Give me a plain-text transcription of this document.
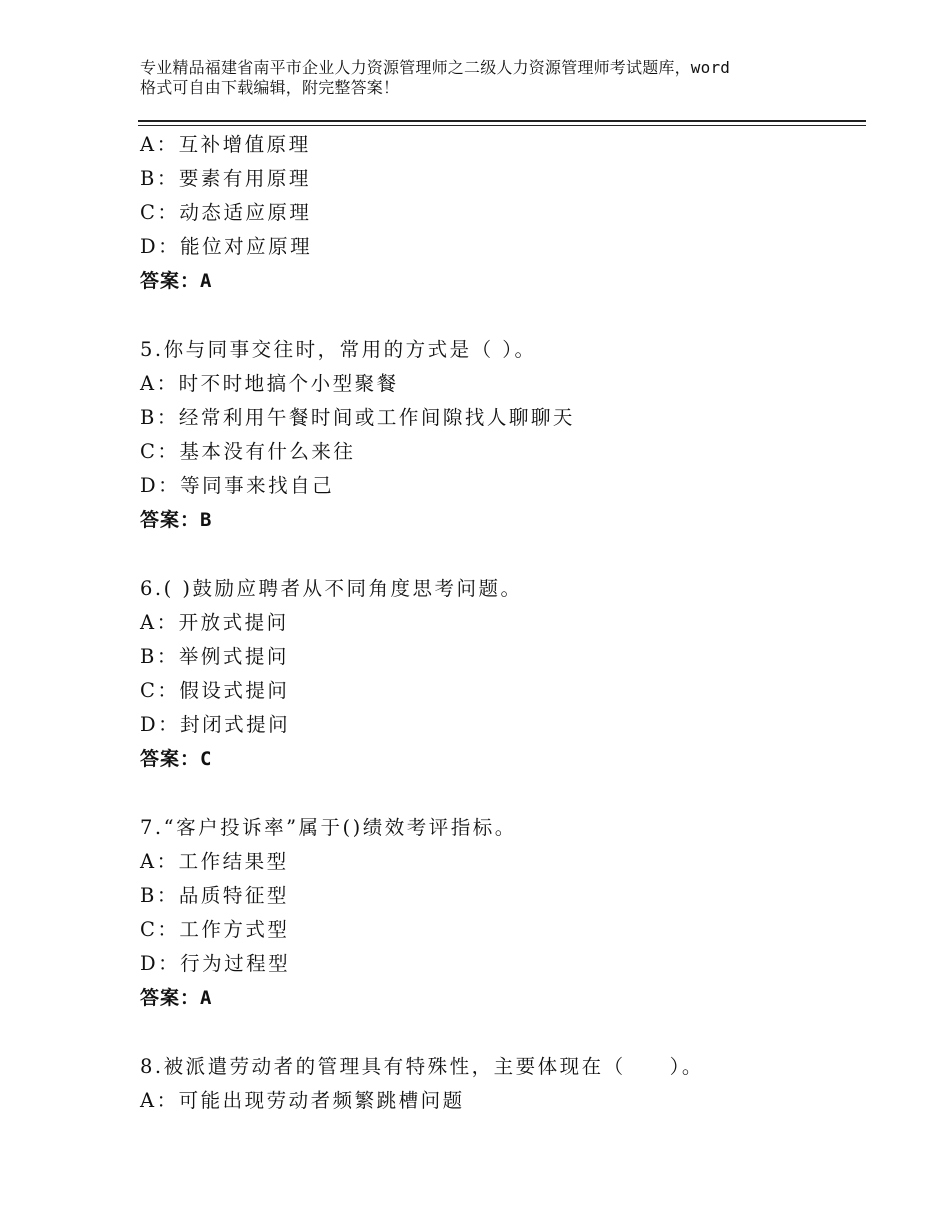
专业精品福建省南平市企业人力资源管理师之二级人力资源管理师考试题库，word
格式可自由下载编辑，附完整答案！
A：互补增值原理
B：要素有用原理
C：动态适应原理
D：能位对应原理
答案：A
5.你与同事交往时，常用的方式是（ ）。
A：时不时地搞个小型聚餐
B：经常利用午餐时间或工作间隙找人聊聊天
C：基本没有什么来往
D：等同事来找自己
答案：B
6.( )鼓励应聘者从不同角度思考问题。
A：开放式提问
B：举例式提问
C：假设式提问
D：封闭式提问
答案：C
7.“客户投诉率”属于()绩效考评指标。
A：工作结果型
B：品质特征型
C：工作方式型
D：行为过程型
答案：A
8.被派遣劳动者的管理具有特殊性，主要体现在（　　）。
A：可能出现劳动者频繁跳槽问题
